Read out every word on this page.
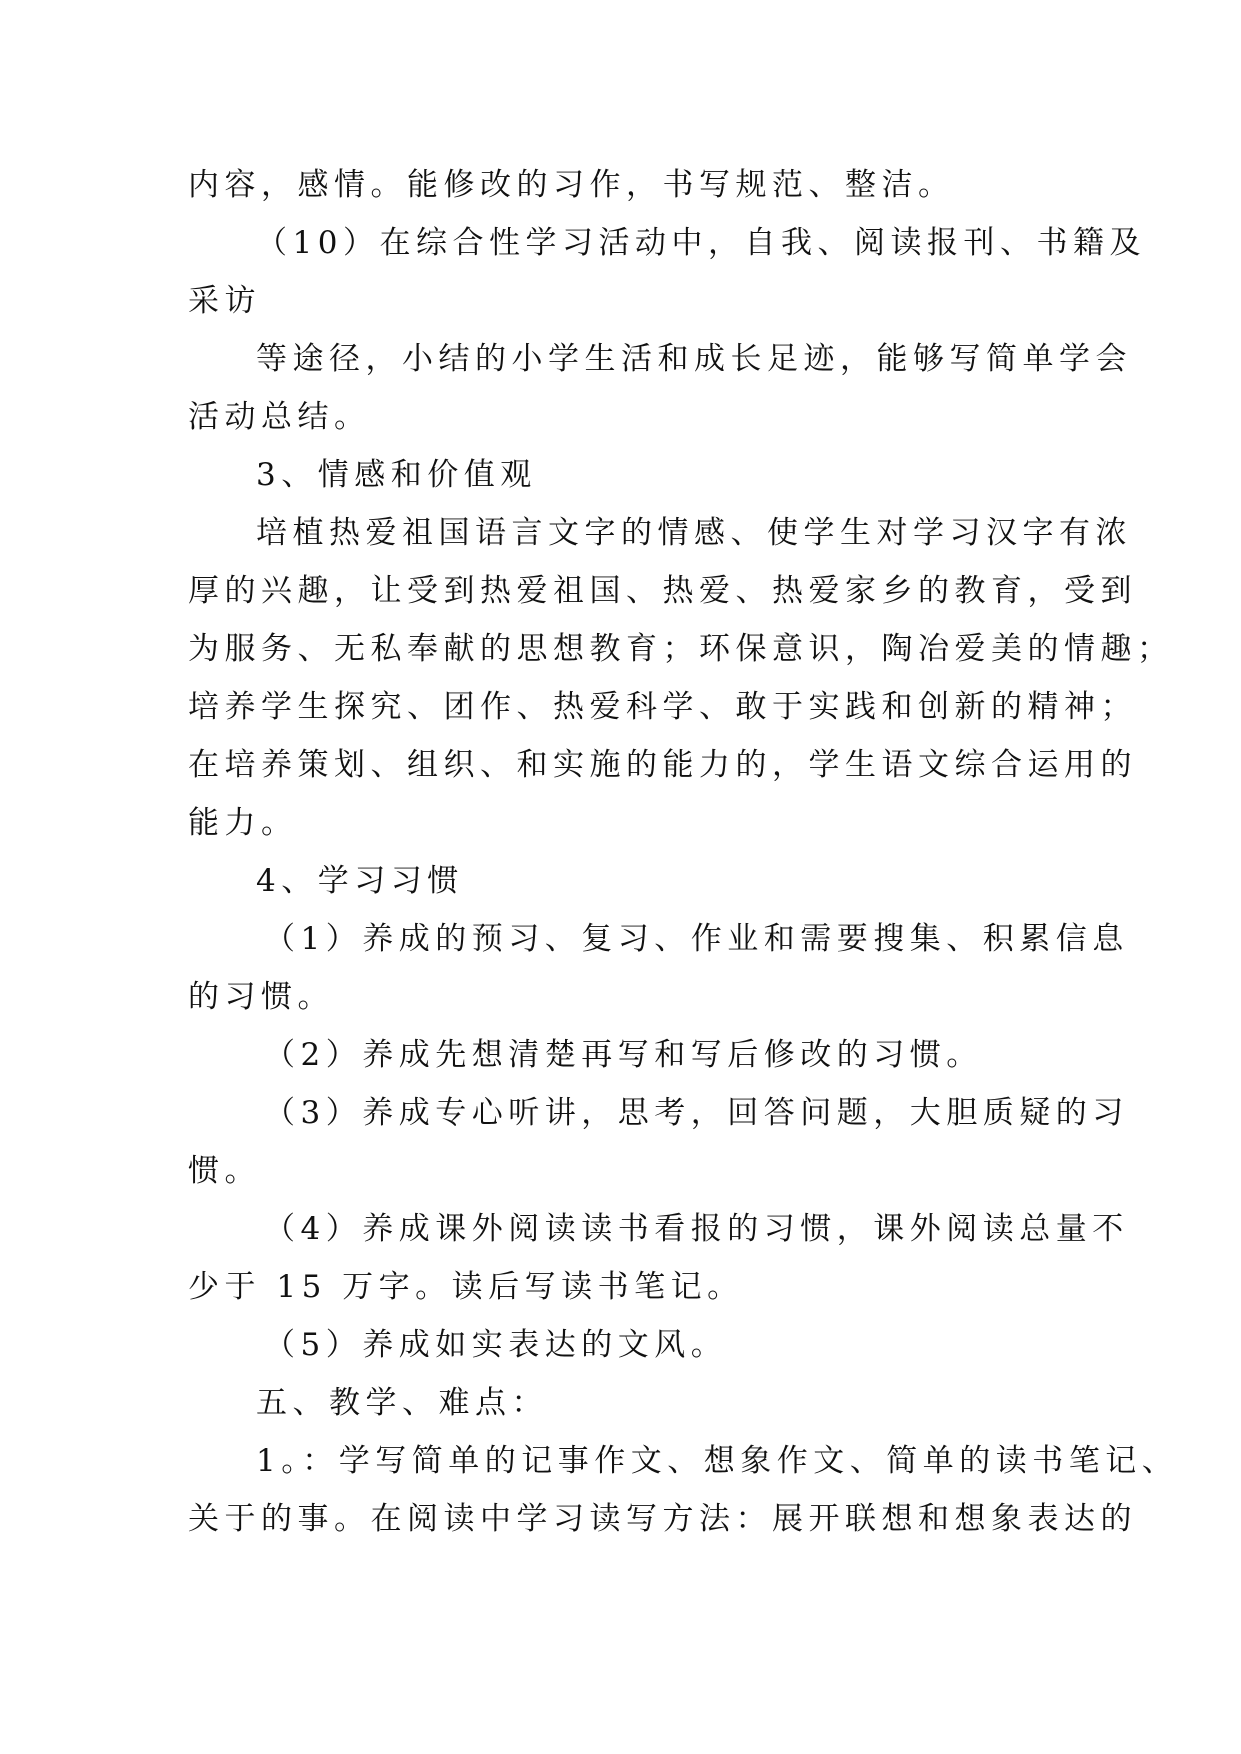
内容，感情。能修改的习作，书写规范、整洁。
（10）在综合性学习活动中，自我、阅读报刊、书籍及
采访
等途径，小结的小学生活和成长足迹，能够写简单学会
活动总结。
3、情感和价值观
培植热爱祖国语言文字的情感、使学生对学习汉字有浓
厚的兴趣，让受到热爱祖国、热爱、热爱家乡的教育，受到
为服务、无私奉献的思想教育；环保意识，陶冶爱美的情趣；
培养学生探究、团作、热爱科学、敢于实践和创新的精神；
在培养策划、组织、和实施的能力的，学生语文综合运用的
能力。
4、学习习惯
（1）养成的预习、复习、作业和需要搜集、积累信息
的习惯。
（2）养成先想清楚再写和写后修改的习惯。
（3）养成专心听讲，思考，回答问题，大胆质疑的习
惯。
（4）养成课外阅读读书看报的习惯，课外阅读总量不
少于 15 万字。读后写读书笔记。
（5）养成如实表达的文风。
五、教学、难点：
1。：学写简单的记事作文、想象作文、简单的读书笔记、
关于的事。在阅读中学习读写方法：展开联想和想象表达的
